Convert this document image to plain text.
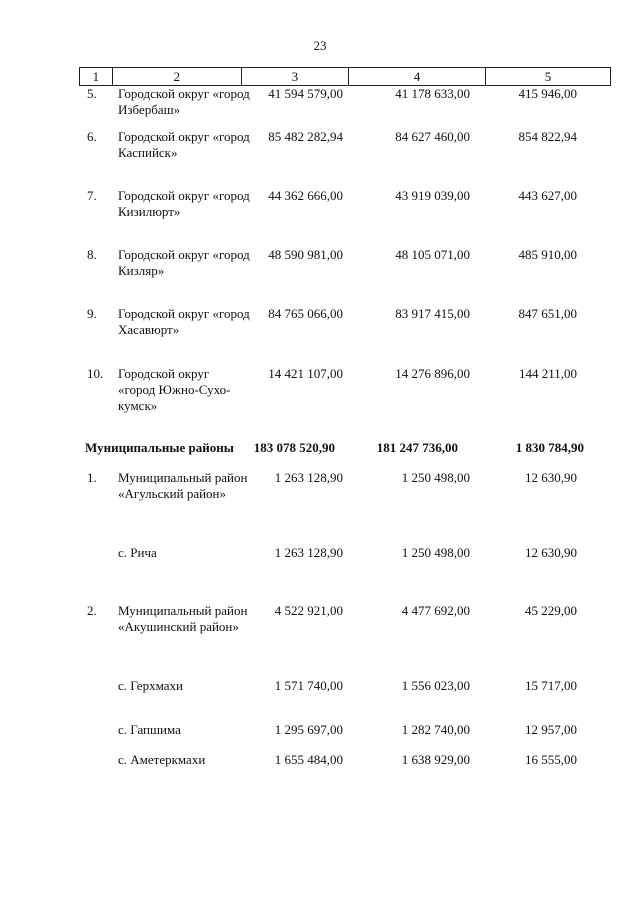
23
1	2	3	4	5
5. Городской округ «город Избербаш»
41 594 579,00	41 178 633,00	415 946,00
6. Городской округ «город Каспийск»
85 482 282,94	84 627 460,00	854 822,94
7. Городской округ «город Кизилюрт»
44 362 666,00	43 919 039,00	443 627,00
8. Городской округ «город Кизляр»
48 590 981,00	48 105 071,00	485 910,00
9. Городской округ «город Хасавюрт»
84 765 066,00	83 917 415,00	847 651,00
10. Городской округ «город Южно-Сухо-кумск»
14 421 107,00	14 276 896,00	144 211,00
Муниципальные районы 183 078 520,90	181 247 736,00	1 830 784,90
1. Муниципальный район «Агульский район»
1 263 128,90	1 250 498,00	12 630,90
с. Рича	1 263 128,90	1 250 498,00	12 630,90
2. Муниципальный район «Акушинский район»
4 522 921,00	4 477 692,00	45 229,00
с. Герхмахи	1 571 740,00	1 556 023,00	15 717,00
с. Гапшима	1 295 697,00	1 282 740,00	12 957,00
с. Аметеркмахи	1 655 484,00	1 638 929,00	16 555,00
